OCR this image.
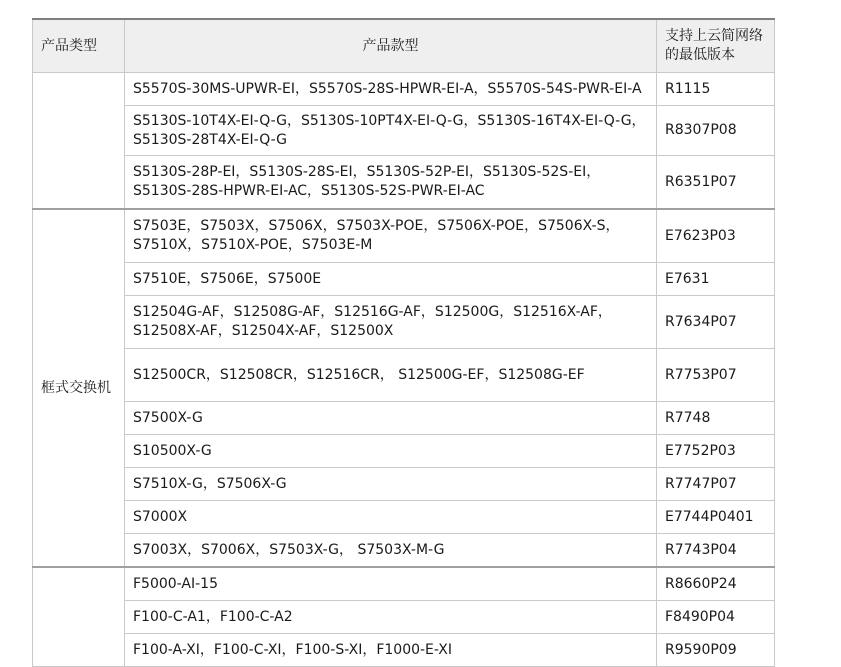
产品类型	产品款型	支持上云简网络的最低版本
	S5570S-30MS-UPWR-EI，S5570S-28S-HPWR-EI-A，S5570S-54S-PWR-EI-A	R1115
	S5130S-10T4X-EI-Q-G，S5130S-10PT4X-EI-Q-G，S5130S-16T4X-EI-Q-G，S5130S-28T4X-EI-Q-G	R8307P08
	S5130S-28P-EI，S5130S-28S-EI，S5130S-52P-EI，S5130S-52S-EI，S5130S-28S-HPWR-EI-AC，S5130S-52S-PWR-EI-AC	R6351P07
框式交换机	S7503E，S7503X，S7506X，S7503X-POE，S7506X-POE，S7506X-S，S7510X，S7510X-POE，S7503E-M	E7623P03
	S7510E，S7506E，S7500E	E7631
	S12504G-AF，S12508G-AF，S12516G-AF，S12500G，S12516X-AF，S12508X-AF，S12504X-AF，S12500X	R7634P07
	S12500CR，S12508CR，S12516CR， S12500G-EF，S12508G-EF	R7753P07
	S7500X-G	R7748
	S10500X-G	E7752P03
	S7510X-G，S7506X-G	R7747P07
	S7000X	E7744P0401
	S7003X，S7006X，S7503X-G， S7503X-M-G	R7743P04
	F5000-AI-15	R8660P24
	F100-C-A1，F100-C-A2	F8490P04
	F100-A-XI，F100-C-XI，F100-S-XI，F1000-E-XI	R9590P09
